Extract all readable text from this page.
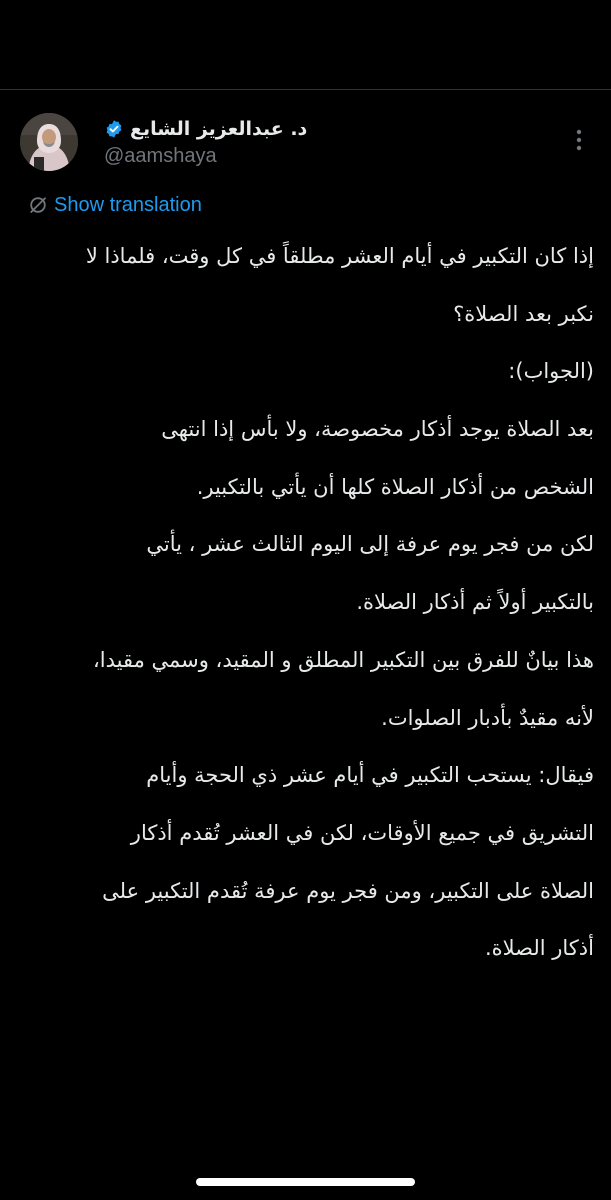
د. عبدالعزيز الشايع
@aamshaya
Show translation
إذا كان التكبير في أيام العشر مطلقاً في كل وقت، فلماذا لا
نكبر بعد الصلاة؟
(الجواب):
بعد الصلاة يوجد أذكار مخصوصة، ولا بأس إذا انتهى
الشخص من أذكار الصلاة كلها أن يأتي بالتكبير.
لكن من فجر يوم عرفة إلى اليوم الثالث عشر ، يأتي
بالتكبير أولاً ثم أذكار الصلاة.
هذا بيانٌ للفرق بين التكبير المطلق و المقيد، وسمي مقيدا،
لأنه مقيدٌ بأدبار الصلوات.
فيقال: يستحب التكبير في أيام عشر ذي الحجة وأيام
التشريق في جميع الأوقات، لكن في العشر تُقدم أذكار
الصلاة على التكبير، ومن فجر يوم عرفة تُقدم التكبير على
أذكار الصلاة.
